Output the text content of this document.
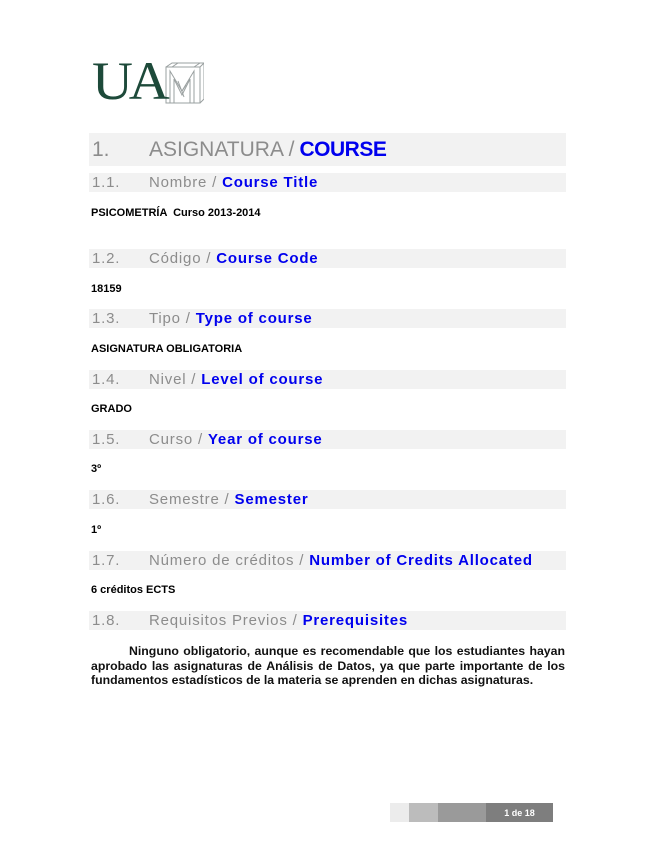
UA
1.	ASIGNATURA / COURSE
1.1.	Nombre / Course Title
PSICOMETRÍA  Curso 2013-2014
1.2.	Código / Course Code
18159
1.3.	Tipo / Type of course
ASIGNATURA OBLIGATORIA
1.4.	Nivel / Level of course
GRADO
1.5.	Curso / Year of course
3º
1.6.	Semestre / Semester
1º
1.7.	Número de créditos / Number of Credits Allocated
6 créditos ECTS
1.8.	Requisitos Previos / Prerequisites
Ninguno obligatorio, aunque es recomendable que los estudiantes hayan aprobado las asignaturas de Análisis de Datos, ya que parte importante de los fundamentos estadísticos de la materia se aprenden en dichas asignaturas.
1 de 18
